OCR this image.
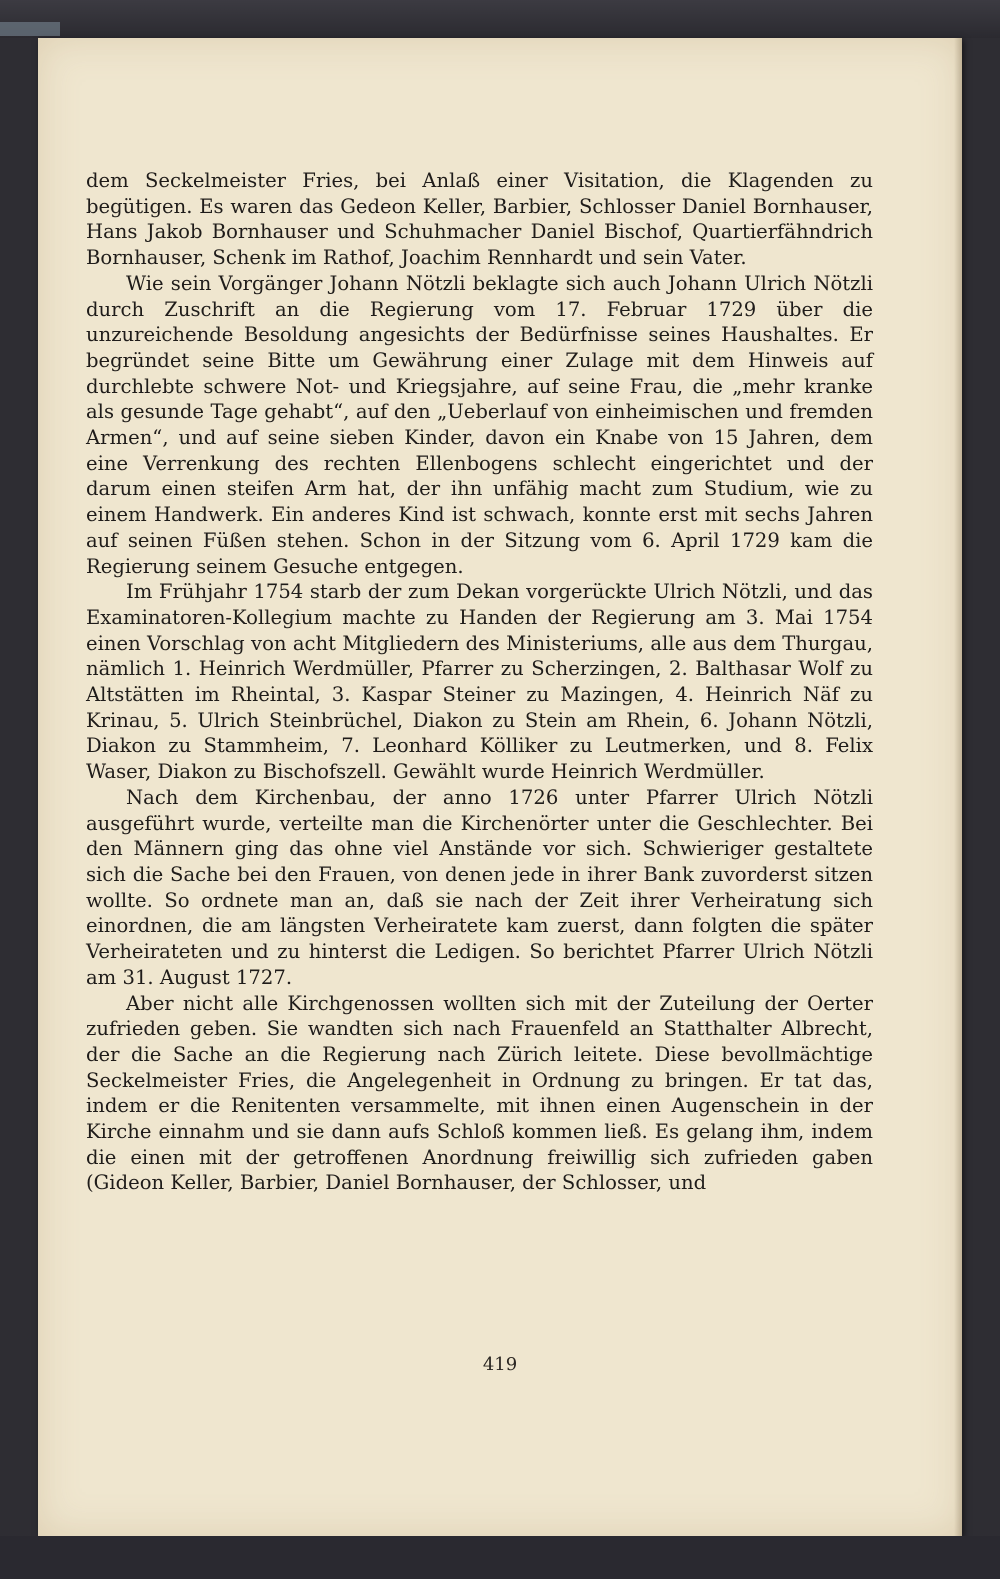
dem Seckelmeister Fries, bei Anlaß einer Visitation, die Klagenden zu begütigen. Es waren das Gedeon Keller, Barbier, Schlosser Daniel Bornhauser, Hans Jakob Bornhauser und Schuhmacher Daniel Bischof, Quartierfähndrich Bornhauser, Schenk im Rathof, Joachim Rennhardt und sein Vater.

Wie sein Vorgänger Johann Nötzli beklagte sich auch Johann Ulrich Nötzli durch Zuschrift an die Regierung vom 17. Februar 1729 über die unzureichende Besoldung angesichts der Bedürfnisse seines Haushaltes. Er begründet seine Bitte um Gewährung einer Zulage mit dem Hinweis auf durchlebte schwere Not- und Kriegsjahre, auf seine Frau, die „mehr kranke als gesunde Tage gehabt“, auf den „Ueberlauf von einheimischen und fremden Armen“, und auf seine sieben Kinder, davon ein Knabe von 15 Jahren, dem eine Verrenkung des rechten Ellenbogens schlecht eingerichtet und der darum einen steifen Arm hat, der ihn unfähig macht zum Studium, wie zu einem Handwerk. Ein anderes Kind ist schwach, konnte erst mit sechs Jahren auf seinen Füßen stehen. Schon in der Sitzung vom 6. April 1729 kam die Regierung seinem Gesuche entgegen.

Im Frühjahr 1754 starb der zum Dekan vorgerückte Ulrich Nötzli, und das Examinatoren-Kollegium machte zu Handen der Regierung am 3. Mai 1754 einen Vorschlag von acht Mitgliedern des Ministeriums, alle aus dem Thurgau, nämlich 1. Heinrich Werdmüller, Pfarrer zu Scherzingen, 2. Balthasar Wolf zu Altstätten im Rheintal, 3. Kaspar Steiner zu Mazingen, 4. Heinrich Näf zu Krinau, 5. Ulrich Steinbrüchel, Diakon zu Stein am Rhein, 6. Johann Nötzli, Diakon zu Stammheim, 7. Leonhard Kölliker zu Leutmerken, und 8. Felix Waser, Diakon zu Bischofszell. Gewählt wurde Heinrich Werdmüller.

Nach dem Kirchenbau, der anno 1726 unter Pfarrer Ulrich Nötzli ausgeführt wurde, verteilte man die Kirchenörter unter die Geschlechter. Bei den Männern ging das ohne viel Anstände vor sich. Schwieriger gestaltete sich die Sache bei den Frauen, von denen jede in ihrer Bank zuvorderst sitzen wollte. So ordnete man an, daß sie nach der Zeit ihrer Verheiratung sich einordnen, die am längsten Verheiratete kam zuerst, dann folgten die später Verheirateten und zu hinterst die Ledigen. So berichtet Pfarrer Ulrich Nötzli am 31. August 1727.

Aber nicht alle Kirchgenossen wollten sich mit der Zuteilung der Oerter zufrieden geben. Sie wandten sich nach Frauenfeld an Statthalter Albrecht, der die Sache an die Regierung nach Zürich leitete. Diese bevollmächtige Seckelmeister Fries, die Angelegenheit in Ordnung zu bringen. Er tat das, indem er die Renitenten versammelte, mit ihnen einen Augenschein in der Kirche einnahm und sie dann aufs Schloß kommen ließ. Es gelang ihm, indem die einen mit der getroffenen Anordnung freiwillig sich zufrieden gaben (Gideon Keller, Barbier, Daniel Bornhauser, der Schlosser, und

419
